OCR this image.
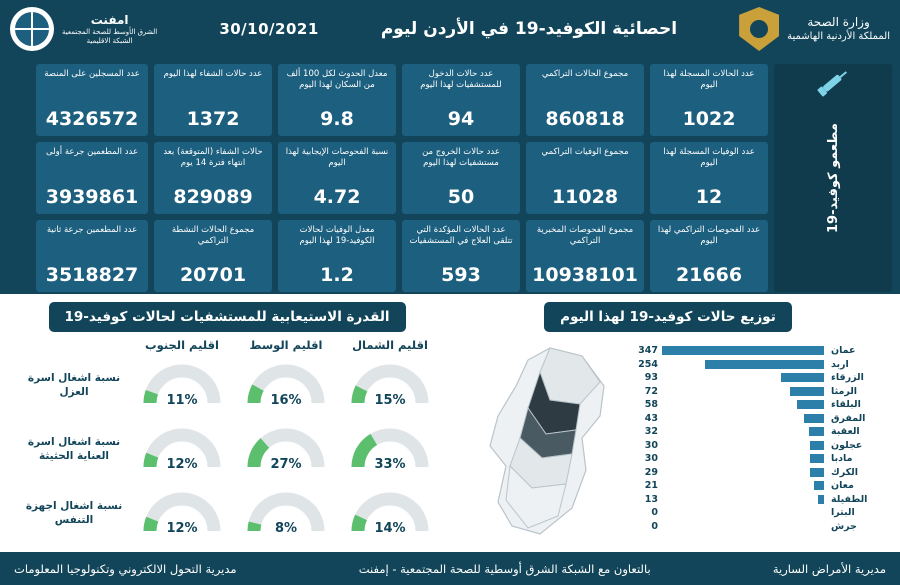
وزارة الصحة
المملكة الأردنية الهاشمية
احصائية الكوفيد-19 في الأردن ليوم
30/10/2021
امفنت
الشرق الأوسط للصحة المجتمعية
الشبكة الاقليمية
مطعمو كوفيد-19
عدد الحالات المسجلة لهذا اليوم
1022
مجموع الحالات التراكمي
860818
عدد حالات الدخول للمستشفيات لهذا اليوم
94
معدل الحدوث لكل 100 ألف من السكان لهذا اليوم
9.8
عدد حالات الشفاء لهذا اليوم
1372
عدد المسجلين على المنصة
4326572
عدد الوفيات المسجلة لهذا اليوم
12
مجموع الوفيات التراكمي
11028
عدد حالات الخروج من مستشفيات لهذا اليوم
50
نسبة الفحوصات الإيجابية لهذا اليوم
4.72
حالات الشفاء (المتوقعة) بعد انتهاء فترة 14 يوم
829089
عدد المطعمين جرعة أولى
3939861
عدد الفحوصات التراكمي لهذا اليوم
21666
مجموع الفحوصات المخبرية التراكمي
10938101
عدد الحالات المؤكدة التي تتلقى العلاج في المستشفيات
593
معدل الوفيات لحالات الكوفيد-19 لهذا اليوم
1.2
مجموع الحالات النشطة التراكمي
20701
عدد المطعمين جرعة ثانية
3518827
القدرة الاستيعابية للمستشفيات لحالات كوفيد-19
اقليم الشمال
اقليم الوسط
اقليم الجنوب
15%
16%
11%
نسبة اشغال اسرة العزل
33%
27%
12%
نسبة اشغال اسرة العناية الحثيثة
14%
8%
12%
نسبة اشغال اجهزة التنفس
توزيع حالات كوفيد-19 لهذا اليوم
عمان
347
اربد
254
الزرقاء
93
الرمثا
72
البلقاء
58
المفرق
43
العقبة
32
عجلون
30
مادبا
30
الكرك
29
معان
21
الطفيلة
13
البترا
0
جرش
0
مديرية الأمراض السارية
بالتعاون مع الشبكة الشرق أوسطية للصحة المجتمعية - إمفنت
مديرية التحول الالكتروني وتكنولوجيا المعلومات
